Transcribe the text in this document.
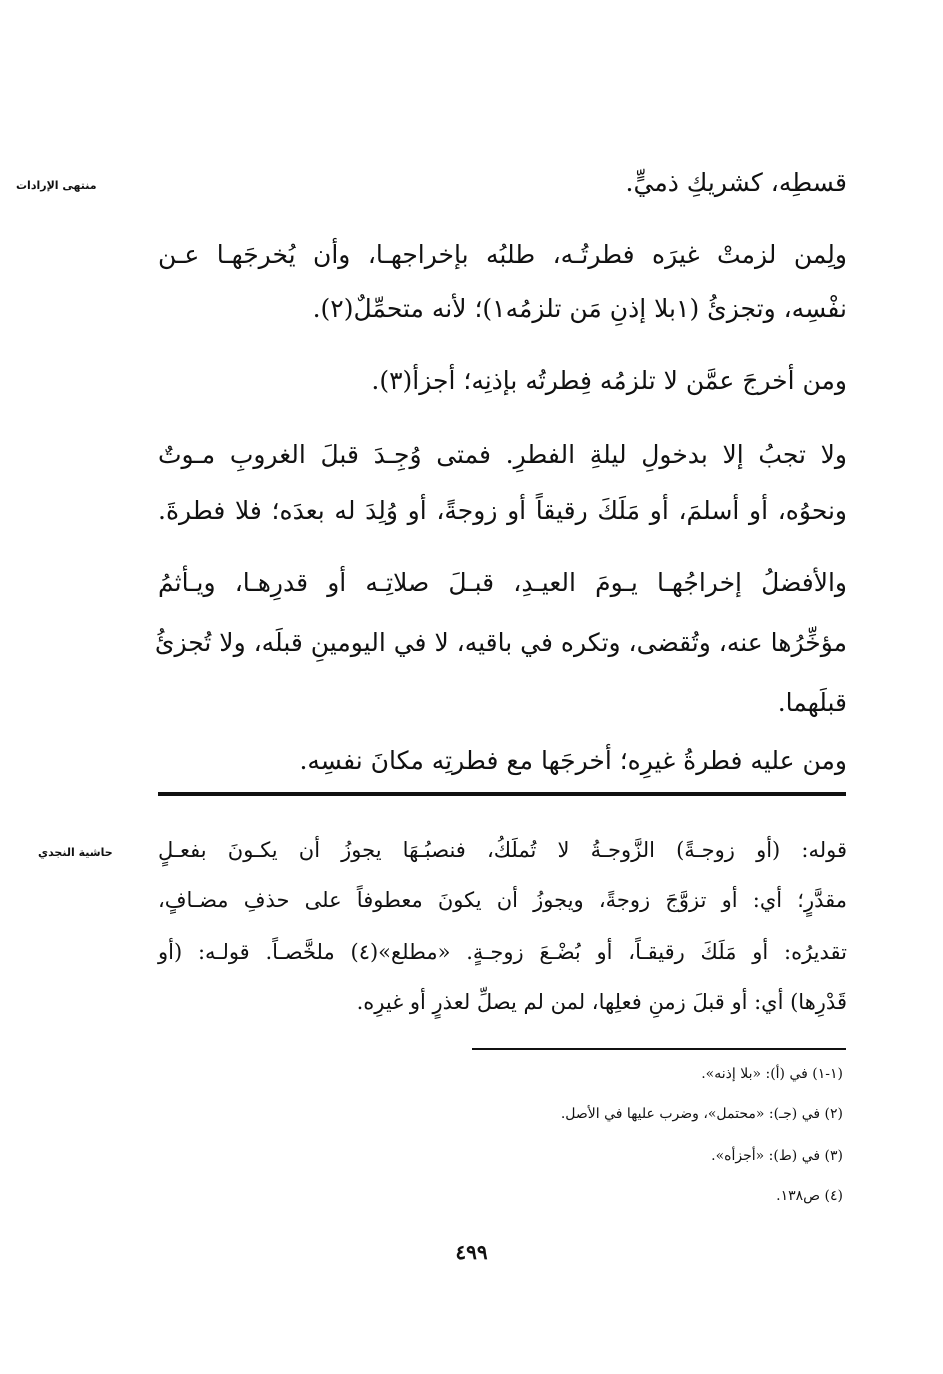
منتهى الإرادات
حاشية النجدي
قسطِه، كشريكِ ذميٍّ.
ولِمن لزمتْ غيرَه فطرتُـه، طلبُه بإخراجهـا، وأن يُخرجَهـا عـن
نفْسِه، وتجزئُ (١بلا إذنِ مَن تلزمُه١)؛ لأنه متحمِّلٌ(٢).
ومن أخرجَ عمَّن لا تلزمُه فِطرتُه بإذنِه؛ أجزأ(٣).
ولا تجبُ إلا بدخولِ ليلةِ الفطرِ. فمتى وُجِـدَ قبلَ الغروبِ مـوتٌ
ونحوُه، أو أسلمَ، أو مَلَكَ رقيقاً أو زوجةً، أو وُلِدَ له بعدَه؛ فلا فطرةَ.
والأفضلُ إخراجُهـا يـومَ العيـدِ، قبـلَ صلاتِـه أو قدرِهـا، ويـأثمُ
مؤخِّرُها عنه، وتُقضى، وتكره في باقيه، لا في اليومينِ قبلَه، ولا تُجزئُ
قبلَهما.
ومن عليه فطرةُ غيرِه؛ أخرجَها مع فطرتِه مكانَ نفسِه.
قوله: (أو زوجـةً) الزَّوجـةُ لا تُملَكُ، فنصبُـهَا يجوزُ أن يكـونَ بفعـلٍ
مقدَّرٍ؛ أي: أو تزوَّجَ زوجةً، ويجوزُ أن يكونَ معطوفاً على حذفِ مضـافٍ،
تقديرُه: أو مَلَكَ رقيقـاً، أو بُضْـعَ زوجـةٍ. «مطلع»(٤) ملخَّصـاً. قولـه: (أو
قَدْرِها) أي: أو قبلَ زمنِ فعلِها، لمن لم يصلِّ لعذرٍ أو غيرِه.
(١-١) في (أ): «بلا إذنه».
(٢) في (جـ): «محتمل»، وضرب عليها في الأصل.
(٣) في (ط): «أجزأه».
(٤) ص١٣٨.
٤٩٩
